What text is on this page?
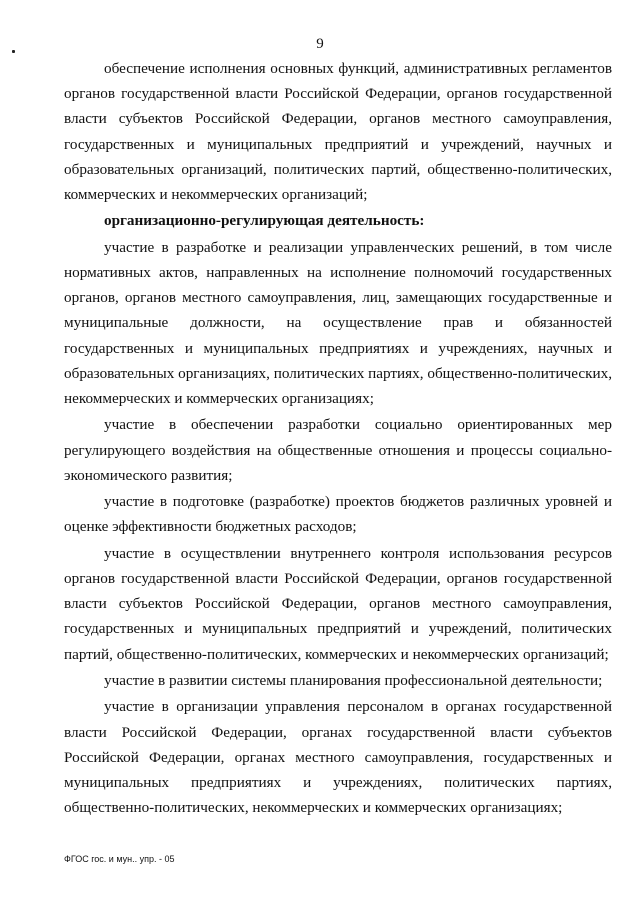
9

обеспечение исполнения основных функций, административных регламентов органов государственной власти Российской Федерации, органов государственной власти субъектов Российской Федерации, органов местного самоуправления, государственных и муниципальных предприятий и учреждений, научных и образовательных организаций, политических партий, общественно-политических, коммерческих и некоммерческих организаций;

организационно-регулирующая деятельность:

участие в разработке и реализации управленческих решений, в том числе нормативных актов, направленных на исполнение полномочий государственных органов, органов местного самоуправления, лиц, замещающих государственные и муниципальные должности, на осуществление прав и обязанностей государственных и муниципальных предприятиях и учреждениях, научных и образовательных организациях, политических партиях, общественно-политических, некоммерческих и коммерческих организациях;

участие в обеспечении разработки социально ориентированных мер регулирующего воздействия на общественные отношения и процессы социально-экономического развития;

участие в подготовке (разработке) проектов бюджетов различных уровней и оценке эффективности бюджетных расходов;

участие в осуществлении внутреннего контроля использования ресурсов органов государственной власти Российской Федерации, органов государственной власти субъектов Российской Федерации, органов местного самоуправления, государственных и муниципальных предприятий и учреждений, политических партий, общественно-политических, коммерческих и некоммерческих организаций;

участие в развитии системы планирования профессиональной деятельности;

участие в организации управления персоналом в органах государственной власти Российской Федерации, органах государственной власти субъектов Российской Федерации, органах местного самоуправления, государственных и муниципальных предприятиях и учреждениях, политических партиях, общественно-политических, некоммерческих и коммерческих организациях;

ФГОС гос. и мун.. упр. - 05
